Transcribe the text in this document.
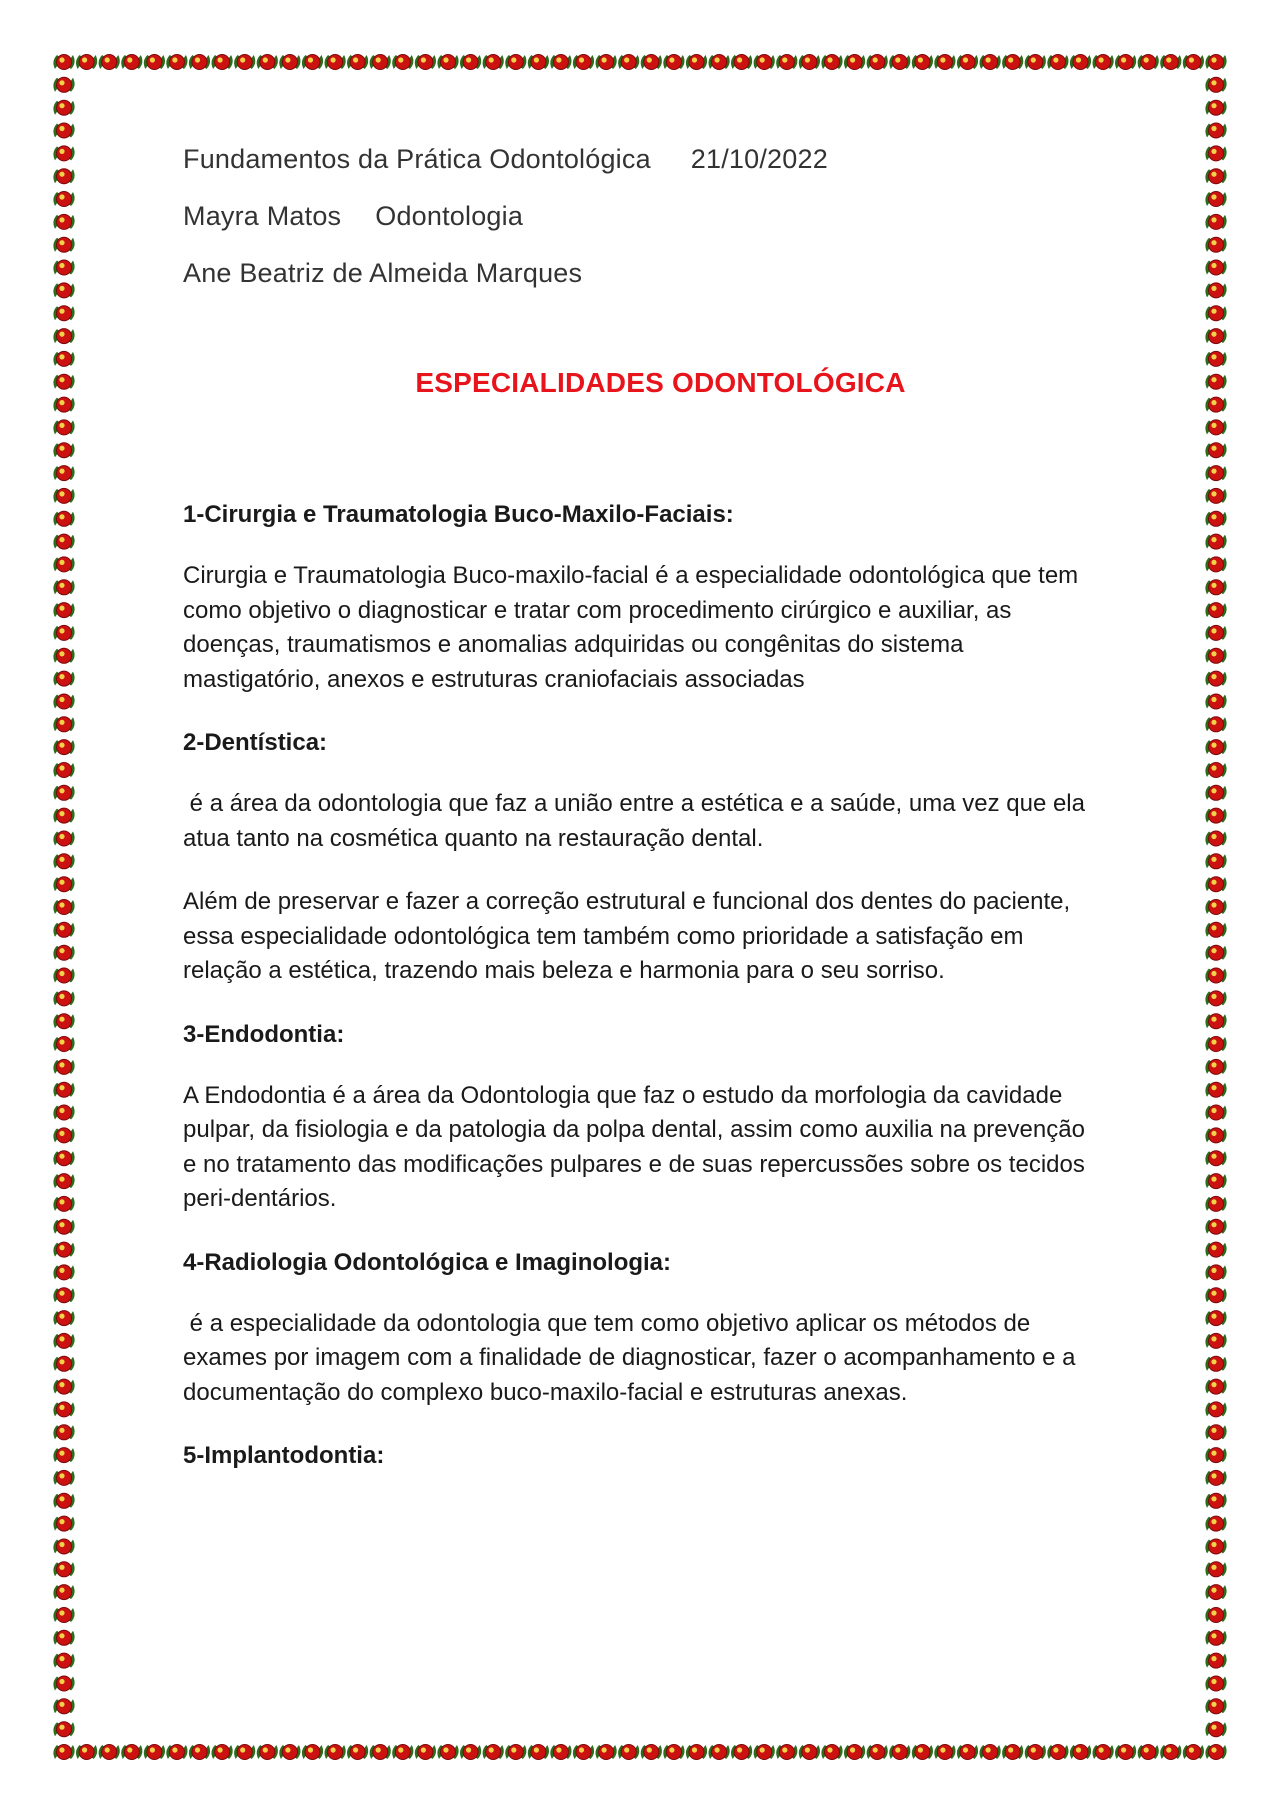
Fundamentos da Prática Odontológica 21/10/2022
Mayra Matos Odontologia
Ane Beatriz de Almeida Marques
ESPECIALIDADES ODONTOLÓGICA
1-Cirurgia e Traumatologia Buco-Maxilo-Faciais:

Cirurgia e Traumatologia Buco-maxilo-facial é a especialidade odontológica que tem como objetivo o diagnosticar e tratar com procedimento cirúrgico e auxiliar, as doenças, traumatismos e anomalias adquiridas ou congênitas do sistema mastigatório, anexos e estruturas craniofaciais associadas

2-Dentística:

é a área da odontologia que faz a união entre a estética e a saúde, uma vez que ela atua tanto na cosmética quanto na restauração dental.

Além de preservar e fazer a correção estrutural e funcional dos dentes do paciente, essa especialidade odontológica tem também como prioridade a satisfação em relação a estética, trazendo mais beleza e harmonia para o seu sorriso.

3-Endodontia:

A Endodontia é a área da Odontologia que faz o estudo da morfologia da cavidade pulpar, da fisiologia e da patologia da polpa dental, assim como auxilia na prevenção e no tratamento das modificações pulpares e de suas repercussões sobre os tecidos peri-dentários.

4-Radiologia Odontológica e Imaginologia:

é a especialidade da odontologia que tem como objetivo aplicar os métodos de exames por imagem com a finalidade de diagnosticar, fazer o acompanhamento e a documentação do complexo buco-maxilo-facial e estruturas anexas.

5-Implantodontia:
